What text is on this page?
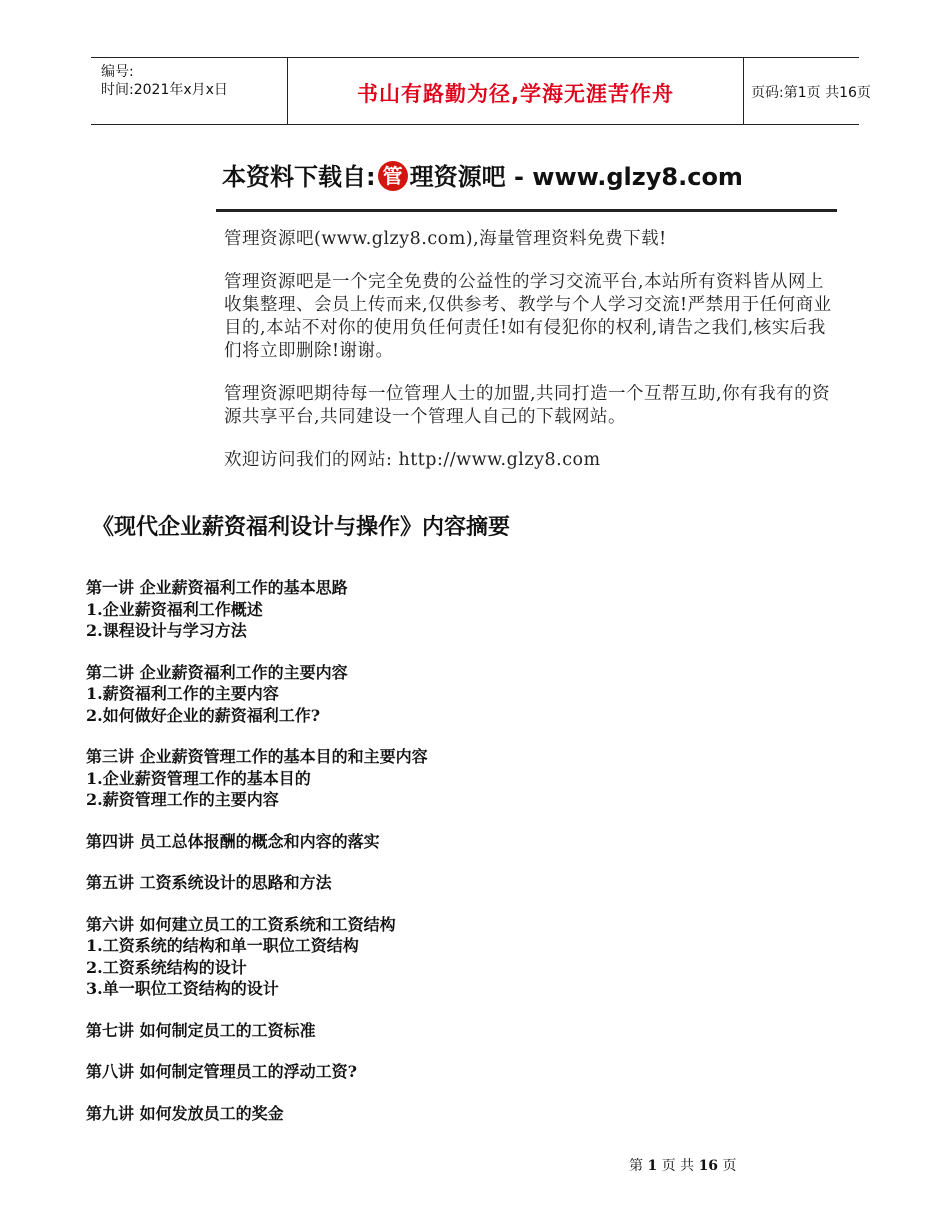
编号:
时间:2021年x月x日	书山有路勤为径,学海无涯苦作舟	页码:第1页 共16页
本资料下载自: 管 理资源吧 - www.glzy8.com

管理资源吧(www.glzy8.com),海量管理资料免费下载!

管理资源吧是一个完全免费的公益性的学习交流平台,本站所有资料皆从网上收集整理、会员上传而来,仅供参考、教学与个人学习交流!严禁用于任何商业目的,本站不对你的使用负任何责任!如有侵犯你的权利,请告之我们,核实后我们将立即删除!谢谢。

管理资源吧期待每一位管理人士的加盟,共同打造一个互帮互助,你有我有的资源共享平台,共同建设一个管理人自己的下载网站。

欢迎访问我们的网站: http://www.glzy8.com

《现代企业薪资福利设计与操作》内容摘要
第一讲 企业薪资福利工作的基本思路
1.企业薪资福利工作概述
2.课程设计与学习方法
第二讲 企业薪资福利工作的主要内容
1.薪资福利工作的主要内容
2.如何做好企业的薪资福利工作?
第三讲 企业薪资管理工作的基本目的和主要内容
1.企业薪资管理工作的基本目的
2.薪资管理工作的主要内容
第四讲 员工总体报酬的概念和内容的落实
第五讲 工资系统设计的思路和方法
第六讲 如何建立员工的工资系统和工资结构
1.工资系统的结构和单一职位工资结构
2.工资系统结构的设计
3.单一职位工资结构的设计
第七讲 如何制定员工的工资标准
第八讲 如何制定管理员工的浮动工资?
第九讲 如何发放员工的奖金
第 1 页 共 16 页
